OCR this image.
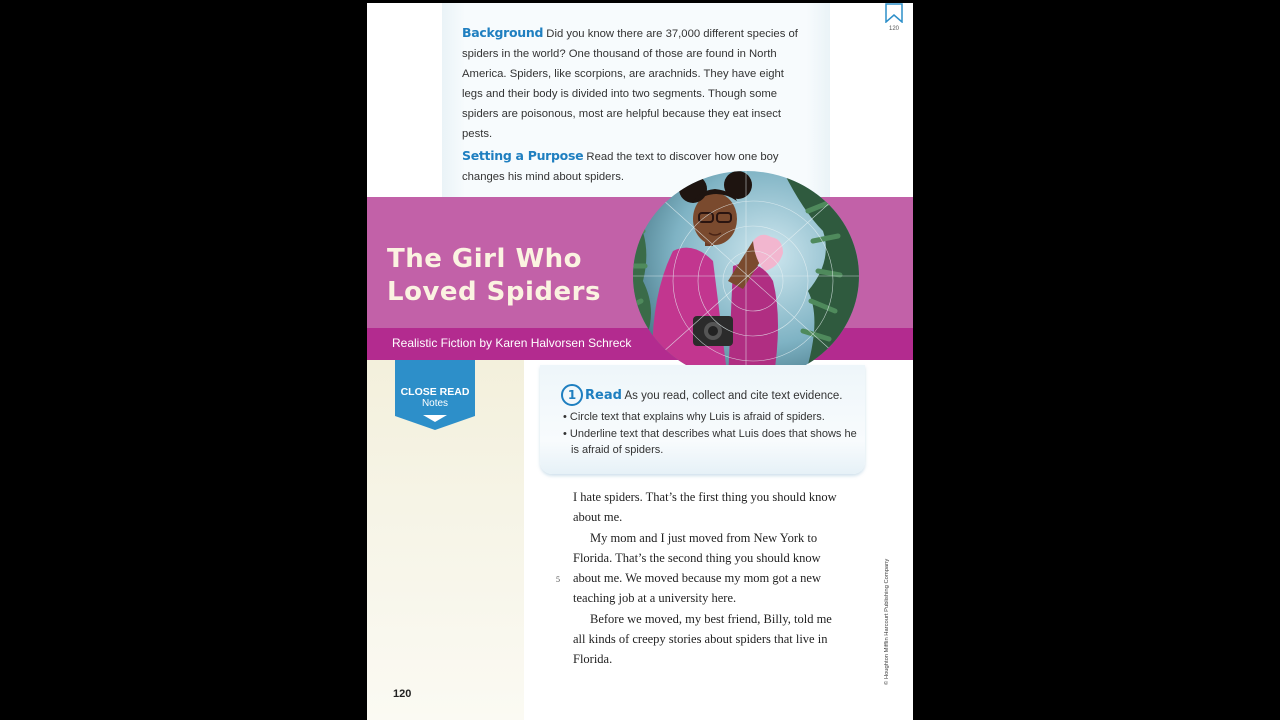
Background Did you know there are 37,000 different species of spiders in the world? One thousand of those are found in North America. Spiders, like scorpions, are arachnids. They have eight legs and their body is divided into two segments. Though some spiders are poisonous, most are helpful because they eat insect pests.

Setting a Purpose Read the text to discover how one boy changes his mind about spiders.

120
The Girl Who
Loved Spiders
Realistic Fiction by Karen Halvorsen Schreck
CLOSE READ
Notes
1 Read As you read, collect and cite text evidence.
• Circle text that explains why Luis is afraid of spiders.
• Underline text that describes what Luis does that shows he is afraid of spiders.

I hate spiders. That’s the first thing you should know about me.

My mom and I just moved from New York to Florida. That’s the second thing you should know about me. We moved because my mom got a new teaching job at a university here.

Before we moved, my best friend, Billy, told me all kinds of creepy stories about spiders that live in Florida.

5	© Houghton Mifflin Harcourt Publishing Company
120
